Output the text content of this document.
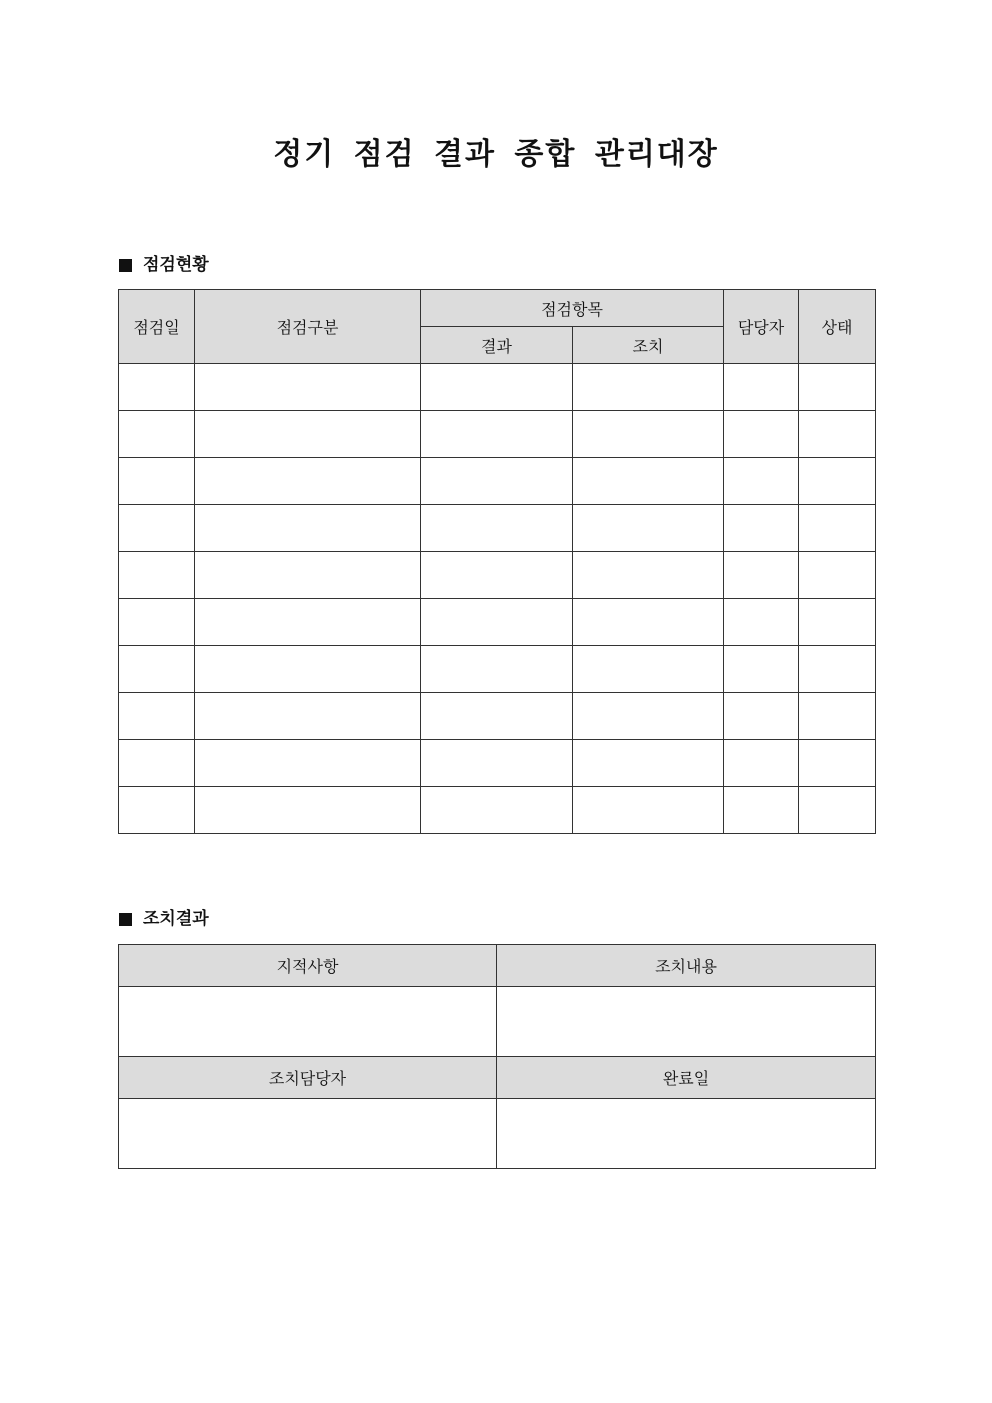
정기 점검 결과 종합 관리대장
점검현황
점검일	점검구분	점검항목		담당자	상태
		결과	조치		

조치결과
지적사항	조치내용

조치담당자	완료일
